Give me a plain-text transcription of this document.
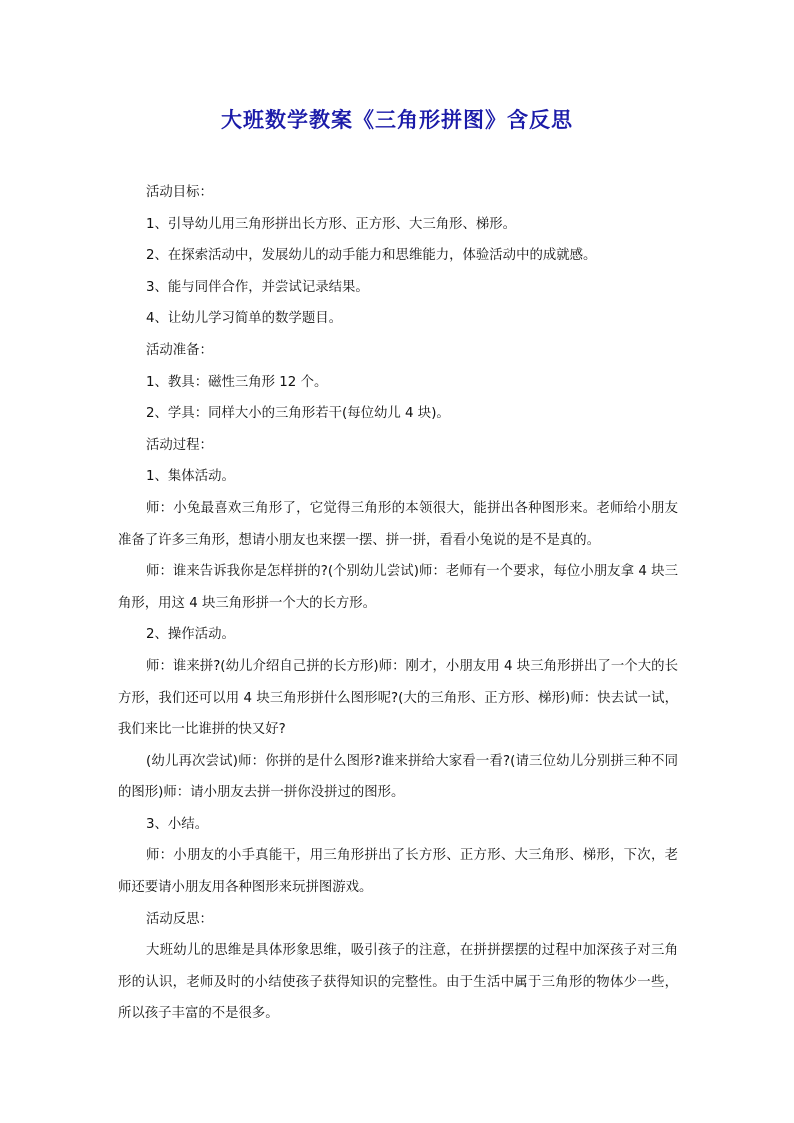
大班数学教案《三角形拼图》含反思

活动目标：

1、引导幼儿用三角形拼出长方形、正方形、大三角形、梯形。

2、在探索活动中，发展幼儿的动手能力和思维能力，体验活动中的成就感。

3、能与同伴合作，并尝试记录结果。

4、让幼儿学习简单的数学题目。

活动准备：

1、教具：磁性三角形 12 个。

2、学具：同样大小的三角形若干(每位幼儿 4 块)。

活动过程：

1、集体活动。

师：小兔最喜欢三角形了，它觉得三角形的本领很大，能拼出各种图形来。老师给小朋友准备了许多三角形，想请小朋友也来摆一摆、拼一拼，看看小兔说的是不是真的。

师：谁来告诉我你是怎样拼的?(个别幼儿尝试)师：老师有一个要求，每位小朋友拿 4 块三角形，用这 4 块三角形拼一个大的长方形。

2、操作活动。

师：谁来拼?(幼儿介绍自己拼的长方形)师：刚才，小朋友用 4 块三角形拼出了一个大的长方形，我们还可以用 4 块三角形拼什么图形呢?(大的三角形、正方形、梯形)师：快去试一试，我们来比一比谁拼的快又好?

(幼儿再次尝试)师：你拼的是什么图形?谁来拼给大家看一看?(请三位幼儿分别拼三种不同的图形)师：请小朋友去拼一拼你没拼过的图形。

3、小结。

师：小朋友的小手真能干，用三角形拼出了长方形、正方形、大三角形、梯形，下次，老师还要请小朋友用各种图形来玩拼图游戏。

活动反思：

大班幼儿的思维是具体形象思维，吸引孩子的注意，在拼拼摆摆的过程中加深孩子对三角形的认识，老师及时的小结使孩子获得知识的完整性。由于生活中属于三角形的物体少一些，所以孩子丰富的不是很多。
